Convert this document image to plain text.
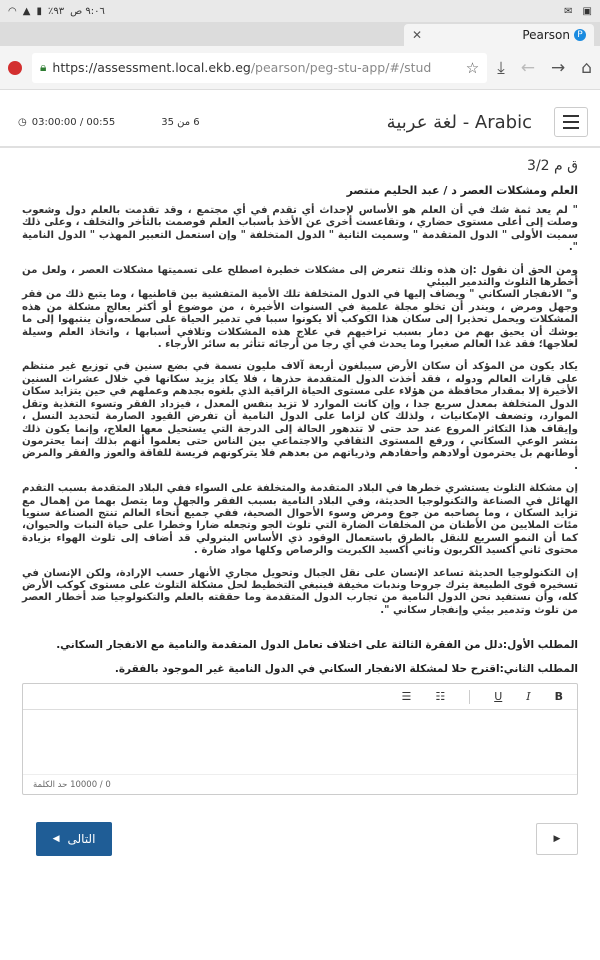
٩:٠٦ ص
٩٣٪
▮
▲
◠	✉ ▣
✕	Pearson P
🔒︎ https://assessment.local.ekb.eg/pearson/peg-stu-app/#/stud	☆ ⤓ ← → ⌂
◷ 03:00:00 / 00:55	6 من 35	Arabic - لغة عربية
ق م 3/2
العلم ومشكلات العصر د / عبد الحليم منتصر

" لم يعد ثمة شك في أن العلم هو الأساس لإحداث أي تقدم في أي مجتمع ، وقد تقدمت بالعلم دول وشعوب وصلت إلى أعلى مستوى حضاري ، وتقاعست أخرى عن الأخذ بأسباب العلم فوصمت بالتأخر والتخلف ، وعلى ذلك سميت الأولى " الدول المتقدمة " وسميت الثانية " الدول المتخلفة " وإن استعمل التعبير المهذب " الدول النامية ".

ومن الحق أن نقول :إن هذه وتلك تتعرض إلى مشكلات خطيرة اصطلح على تسميتها مشكلات العصر ، ولعل من أخطرها التلوث والتدمير البيئي

و" الانفجار السكاني " ويضاف إليها في الدول المتخلفة تلك الأمية المتفشية بين قاطنيها ، وما يتبع ذلك من فقر وجهل ومرض ، ويندر أن تخلو مجلة علمية في السنوات الأخيرة ، من موضوع أو أكثر يعالج مشكلة من هذه المشكلات ويحمل تحذيرا إلى سكان هذا الكوكب ألا يكونوا سببا في تدمير الحياة على سطحه،وأن ينتبهوا إلى ما يوشك أن يحيق بهم من دمار بسبب تراخيهم في علاج هذه المشكلات وتلافي أسبابها ، واتخاذ العلم وسيلة لعلاجها؛ فقد غدا العالم صغيرا وما يحدث في أي رجا من أرجائه تتأثر به سائر الأرجاء .

يكاد يكون من المؤكد أن سكان الأرض سيبلغون أربعة آلاف مليون نسمة في بضع سنين في توزيع غير منتظم على قارات العالم ودوله ، فقد أخذت الدول المتقدمة حذرها ، فلا يكاد يزيد سكانها في خلال عشرات السنين الأخيرة إلا بمقدار محافظة من هؤلاء على مستوى الحياة الراقية الذي بلغوه بجدهم وعملهم في حين يتزايد سكان الدول المتخلفة بمعدل سريع جدا ، وإن كانت الموارد لا تزيد بنفس المعدل ، فيزداد الفقر وتسوء التغذية وتقل الموارد، وتضعف الإمكانيات ، ولذلك كان لزاما على الدول النامية أن تفرض القيود الصارمة لتحديد النسل ، وإيقاف هذا التكاثر المروع عند حد حتى لا تتدهور الحالة إلى الدرجة التي يستحيل معها العلاج، وإنما يكون ذلك بنشر الوعي السكاني ، ورفع المستوى الثقافي والاجتماعي بين الناس حتى يعلموا أنهم بذلك إنما يحترمون أوطانهم بل يحترمون أولادهم وأحفادهم وذرياتهم من بعدهم فلا يتركونهم فريسة للفاقة والعوز والفقر والمرض .

إن مشكلة التلوث يستشري خطرها في البلاد المتقدمة والمتخلفة على السواء ففي البلاد المتقدمة بسبب التقدم الهائل في الصناعة والتكنولوجيا الحديثة، وفي البلاد النامية بسبب الفقر والجهل وما يتصل بهما من إهمال مع تزايد السكان ، وما يصاحبه من جوع ومرض وسوء الأحوال الصحية، ففي جميع أنحاء العالم تنتج الصناعة سنويا مئات الملايين من الأطنان من المخلفات الضارة التي تلوث الجو وتجعله ضارا وخطرا على حياة النبات والحيوان، كما أن النمو السريع للنقل بالطرق باستعمال الوقود ذي الأساس البترولي قد أضاف إلى تلوث الهواء بزيادة محتوى ثاني أكسيد الكربون وثاني أكسيد الكبريت والرصاص وكلها مواد ضارة .

إن التكنولوجيا الحديثة تساعد الإنسان على نقل الجبال وتحويل مجاري الأنهار حسب الإرادة، ولكن الإنسان في تسخيره قوى الطبيعة يترك جروحا وندبات مخيفة فينبغي التخطيط لحل مشكلة التلوث على مستوى كوكب الأرض كله، وأن نستفيد نحن الدول النامية من تجارب الدول المتقدمة وما حققته بالعلم والتكنولوجيا ضد أخطار العصر من تلوث وتدمير بيئي وإنفجار سكاني ".

المطلب الأول:دلل من الفقرة الثالثة على اختلاف تعامل الدول المتقدمة والنامية مع الانفجار السكاني.
المطلب الثاني:اقترح حلا لمشكلة الانفجار السكاني في الدول النامية غير الموجود بالفقرة.
☰ ☷	U I B
0 / 10000 حد الكلمة
التالى
◀	▶
